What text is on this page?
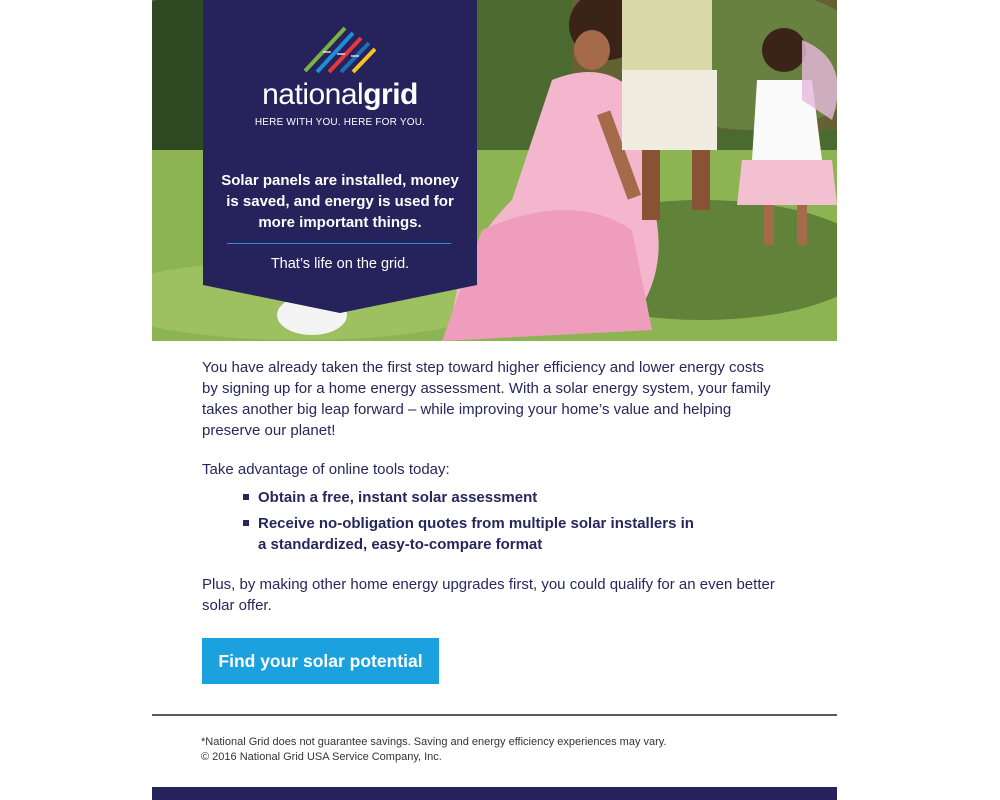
nationalgrid
HERE WITH YOU. HERE FOR YOU.
Solar panels are installed, money is saved, and energy is used for more important things.
That’s life on the grid.

You have already taken the first step toward higher efficiency and lower energy costs by signing up for a home energy assessment. With a solar energy system, your family takes another big leap forward – while improving your home’s value and helping preserve our planet!

Take advantage of online tools today:

Obtain a free, instant solar assessment
Receive no-obligation quotes from multiple solar installers in a standardized, easy-to-compare format

Plus, by making other home energy upgrades first, you could qualify for an even better solar offer.

Find your solar potential
*National Grid does not guarantee savings. Saving and energy efficiency experiences may vary.
© 2016 National Grid USA Service Company, Inc.
